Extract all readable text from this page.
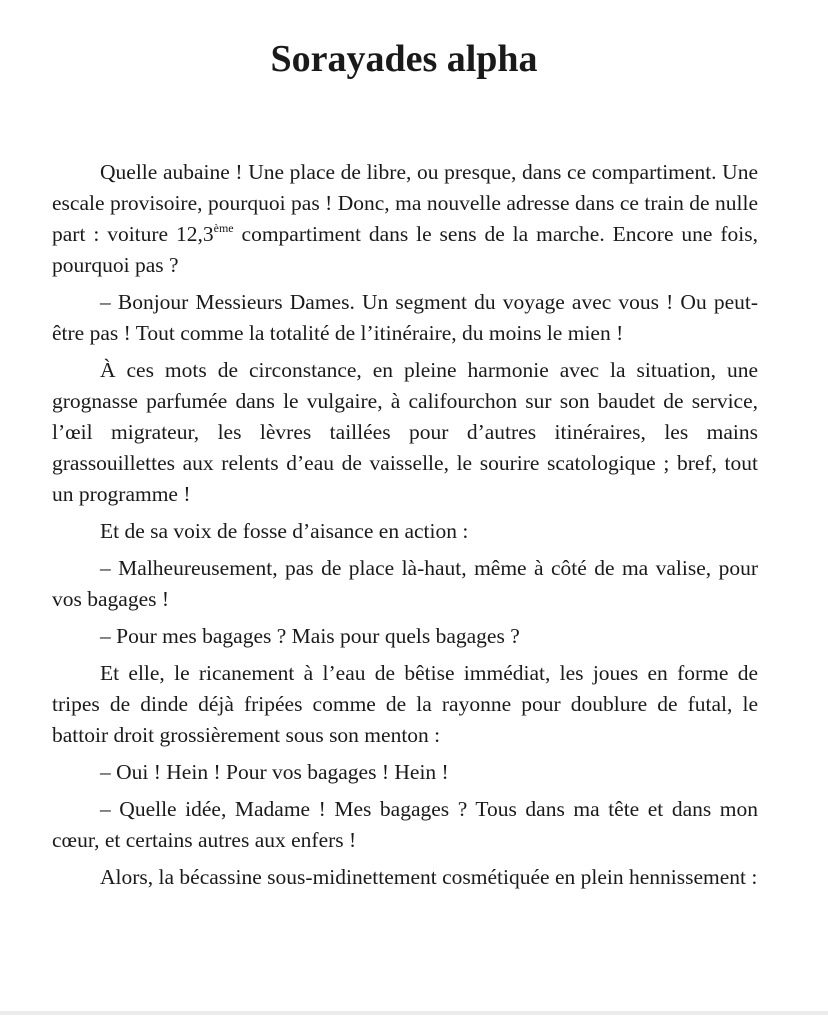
Sorayades alpha

Quelle aubaine ! Une place de libre, ou presque, dans ce compartiment. Une escale provisoire, pourquoi pas ! Donc, ma nouvelle adresse dans ce train de nulle part : voiture 12,3ème compartiment dans le sens de la marche. Encore une fois, pourquoi pas ?

– Bonjour Messieurs Dames. Un segment du voyage avec vous ! Ou peut-être pas ! Tout comme la totalité de l’itinéraire, du moins le mien !

À ces mots de circonstance, en pleine harmonie avec la situation, une grognasse parfumée dans le vulgaire, à califourchon sur son baudet de service, l’œil migrateur, les lèvres taillées pour d’autres itinéraires, les mains grassouillettes aux relents d’eau de vaisselle, le sourire scatologique ; bref, tout un programme !

Et de sa voix de fosse d’aisance en action :

– Malheureusement, pas de place là-haut, même à côté de ma valise, pour vos bagages !

– Pour mes bagages ? Mais pour quels bagages ?

Et elle, le ricanement à l’eau de bêtise immédiat, les joues en forme de tripes de dinde déjà fripées comme de la rayonne pour doublure de futal, le battoir droit grossièrement sous son menton :

– Oui ! Hein ! Pour vos bagages ! Hein !

– Quelle idée, Madame ! Mes bagages ? Tous dans ma tête et dans mon cœur, et certains autres aux enfers !

Alors, la bécassine sous-midinettement cosmétiquée en plein hennissement :
